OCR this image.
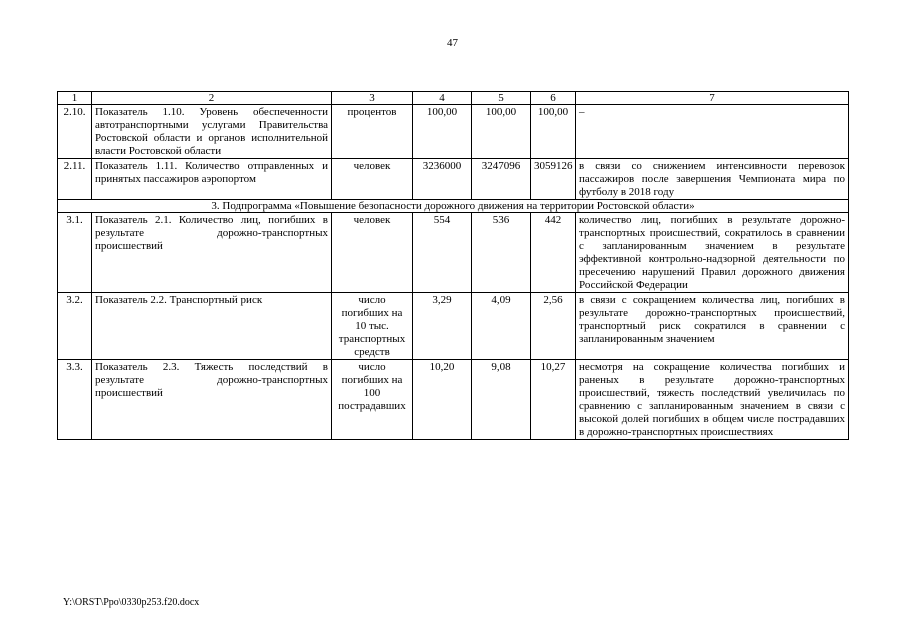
47
1	2	3	4	5	6	7
2.10.	Показатель 1.10. Уровень обеспеченности автотранспортными услугами Правительства Ростовской области и органов исполнительной власти Ростовской области	процентов	100,00	100,00	100,00	–
2.11.	Показатель 1.11. Количество отправленных и принятых пассажиров аэропортом	человек	3236000	3247096	3059126	в связи со снижением интенсивности перевозок пассажиров после завершения Чемпионата мира по футболу в 2018 году
3. Подпрограмма «Повышение безопасности дорожного движения на территории Ростовской области»						
3.1.	Показатель 2.1. Количество лиц, погибших в результате дорожно-транспортных происшествий	человек	554	536	442	количество лиц, погибших в результате дорожно-транспортных происшествий, сократилось в сравнении с запланированным значением в результате эффективной контрольно-надзорной деятельности по пресечению нарушений Правил дорожного движения Российской Федерации
3.2.	Показатель 2.2. Транспортный риск	число погибших на 10 тыс. транспортных средств	3,29	4,09	2,56	в связи с сокращением количества лиц, погибших в результате дорожно-транспортных происшествий, транспортный риск сократился в сравнении с запланированным значением
3.3.	Показатель 2.3. Тяжесть последствий в результате дорожно-транспортных происшествий	число погибших на 100 пострадавших	10,20	9,08	10,27	несмотря на сокращение количества погибших и раненых в результате дорожно-транспортных происшествий, тяжесть последствий увеличилась по сравнению с запланированным значением в связи с высокой долей погибших в общем числе пострадавших в дорожно-транспортных происшествиях
Y:\ORST\Ppo\0330p253.f20.docx
